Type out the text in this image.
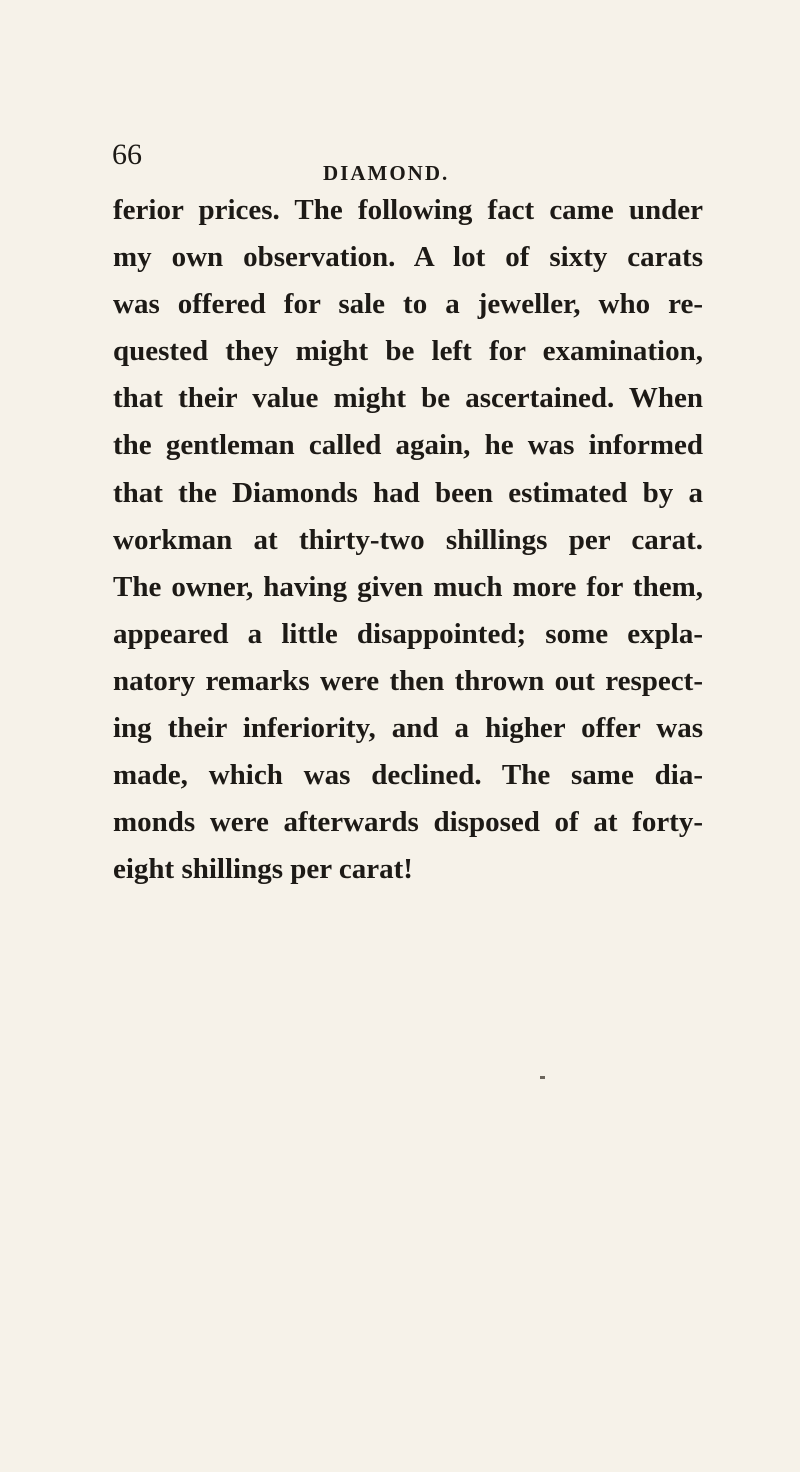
66
DIAMOND.
ferior prices. The following fact came under
my own observation. A lot of sixty carats
was offered for sale to a jeweller, who re-
quested they might be left for examination,
that their value might be ascertained. When
the gentleman called again, he was informed
that the Diamonds had been estimated by a
workman at thirty-two shillings per carat.
The owner, having given much more for them,
appeared a little disappointed; some expla-
natory remarks were then thrown out respect-
ing their inferiority, and a higher offer was
made, which was declined. The same dia-
monds were afterwards disposed of at forty-
eight shillings per carat!
